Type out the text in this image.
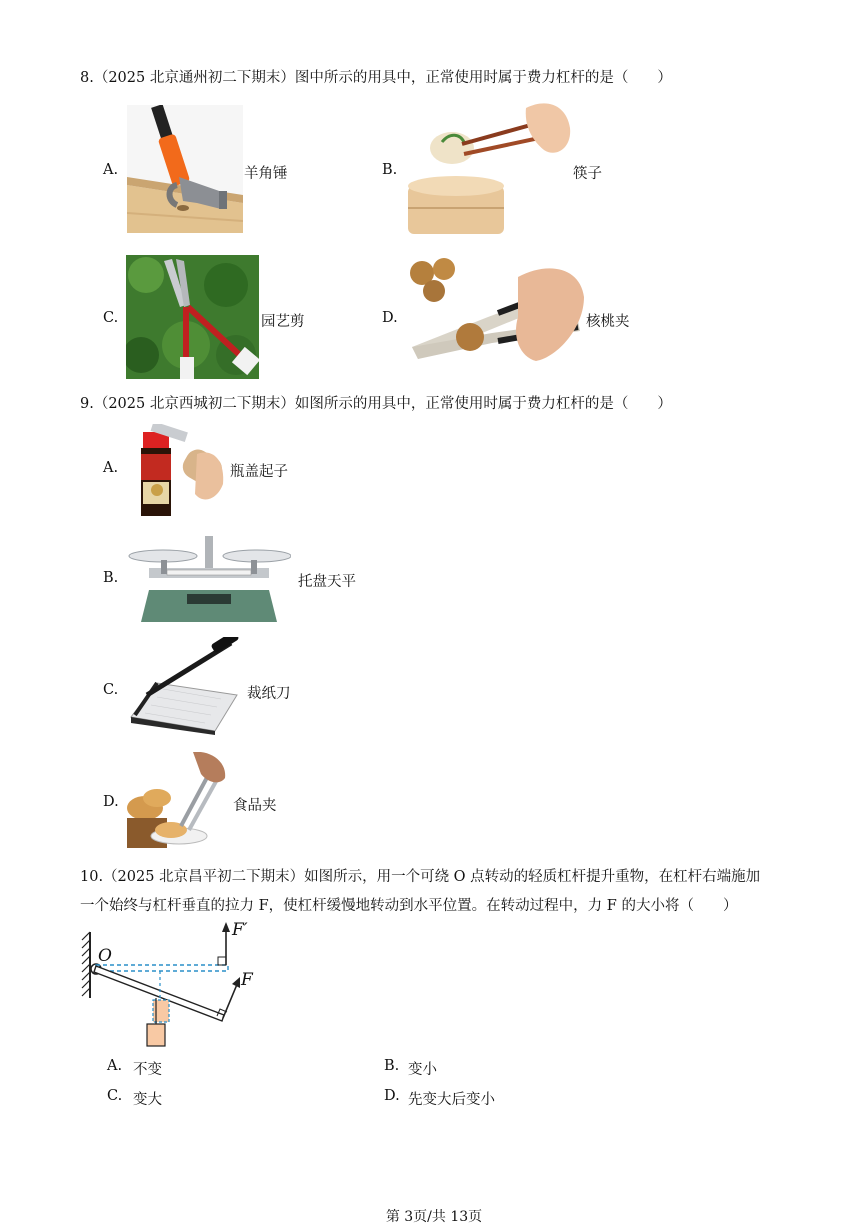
8.（2025 北京通州初二下期末）图中所示的用具中，正常使用时属于费力杠杆的是（　　）
A.	羊角锤	B.	筷子
C.	园艺剪	D.	核桃夹
9.（2025 北京西城初二下期末）如图所示的用具中，正常使用时属于费力杠杆的是（　　）
A.	瓶盖起子
B.	托盘天平
C.	裁纸刀
D.	食品夹
10.（2025 北京昌平初二下期末）如图所示，用一个可绕 O 点转动的轻质杠杆提升重物，在杠杆右端施加
一个始终与杠杆垂直的拉力 F，使杠杆缓慢地转动到水平位置。在转动过程中，力 F 的大小将（　　）
O
F′
F
A. 不变	B. 变小
C. 变大	D. 先变大后变小
第 3页/共 13页
